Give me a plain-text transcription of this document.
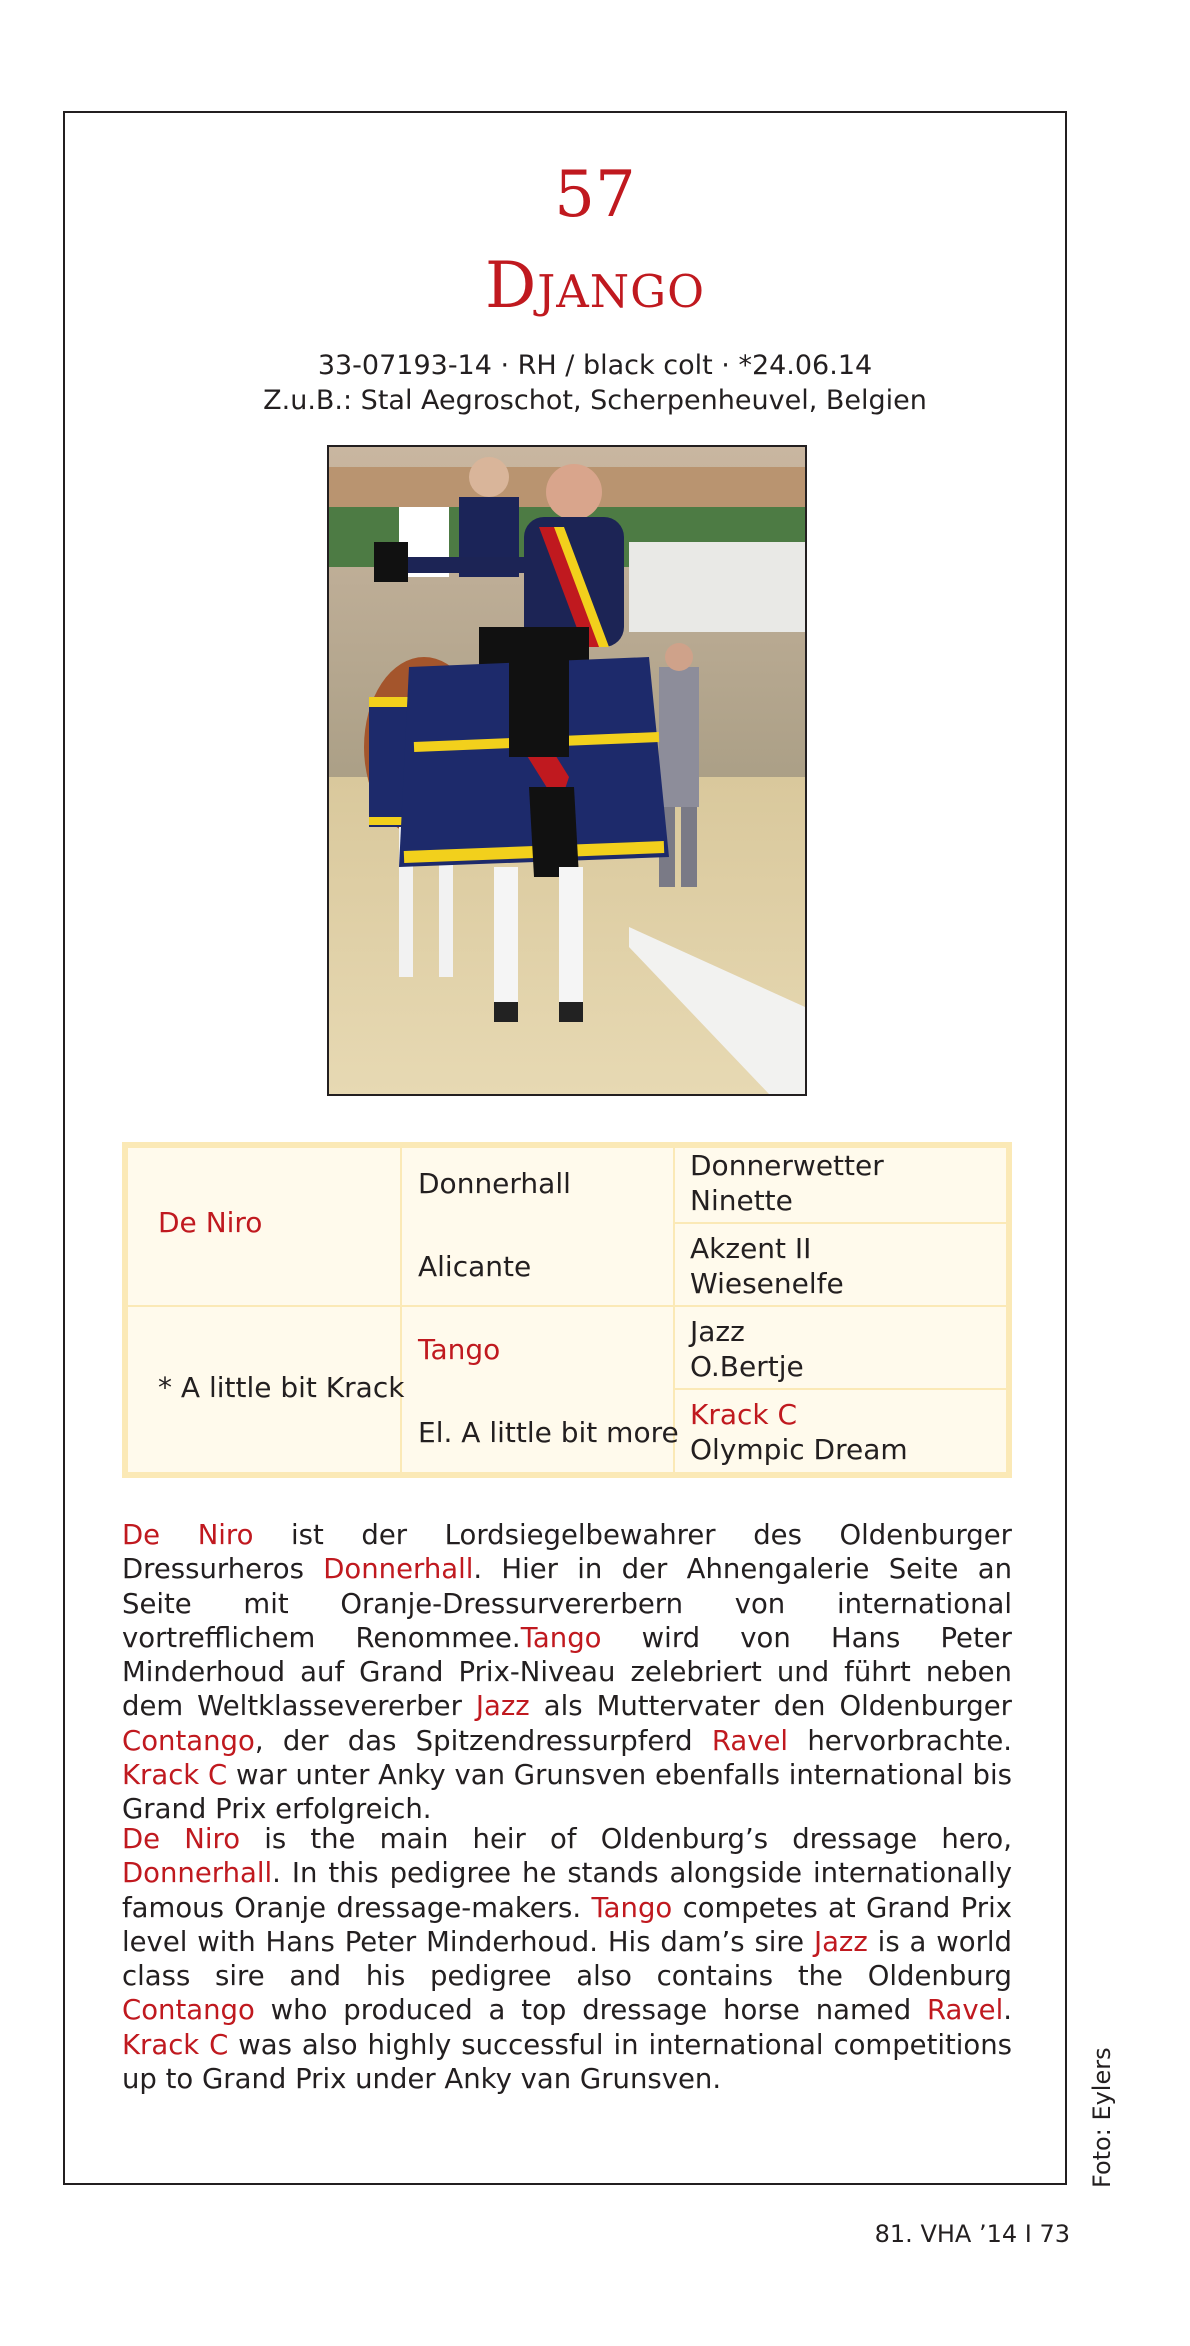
57
Django
33-07193-14 · RH / black colt · *24.06.14
Z.u.B.: Stal Aegroschot, Scherpenheuvel, Belgien
De Niro
* A little bit Krack
Donnerhall
Alicante
Tango
El. A little bit more
Donnerwetter
Ninette
Akzent II
Wiesenelfe
Jazz
O.Bertje
Krack C
Olympic Dream
De Niro ist der Lordsiegelbewahrer des Oldenburger Dressurheros Donnerhall. Hier in der Ahnengalerie Seite an Seite mit Oranje-Dressurvererbern von international vortrefflichem Renommee.Tango wird von Hans Peter Minderhoud auf Grand Prix-Niveau zelebriert und führt neben dem Weltklassevererber Jazz als Muttervater den Oldenburger Contango, der das Spitzendressurpferd Ravel hervorbrachte. Krack C war unter Anky van Grunsven ebenfalls international bis Grand Prix erfolgreich.
De Niro is the main heir of Oldenburg’s dressage hero, Donnerhall. In this pedigree he stands alongside internationally famous Oranje dressage-makers. Tango competes at Grand Prix level with Hans Peter Minderhoud. His dam’s sire Jazz is a world class sire and his pedigree also contains the Oldenburg Contango who produced a top dressage horse named Ravel. Krack C was also highly successful in international competitions up to Grand Prix under Anky van Grunsven.	Foto: Eylers
81. VHA ’14 I 73
